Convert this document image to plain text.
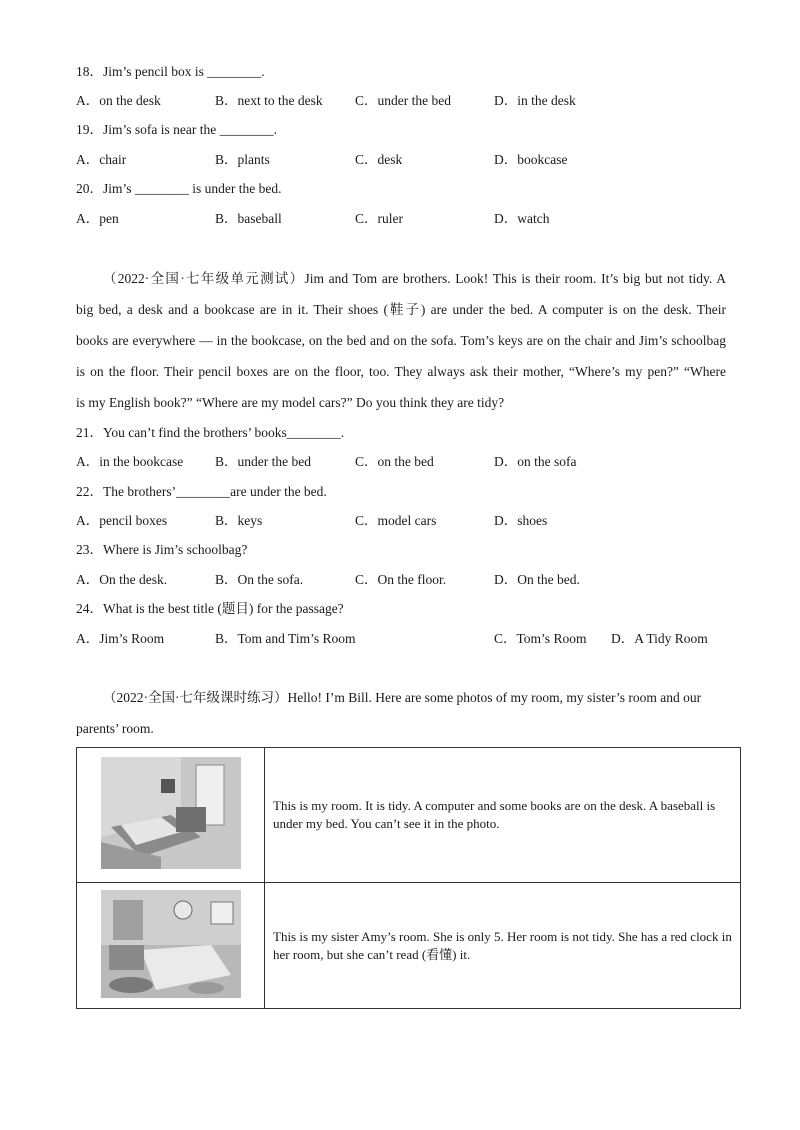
18．Jim’s pencil box is ________.
A．on the desk	B．next to the desk C．under the bed	D．in the desk
19．Jim’s sofa is near the ________.
A．chair	B．plants	C．desk	D．bookcase
20．Jim’s ________ is under the bed.
A．pen	B．baseball	C．ruler	D．watch
（2022·全国·七年级单元测试）Jim and Tom are brothers. Look! This is their room. It’s big but not tidy. A
big bed, a desk and a bookcase are in it. Their shoes (鞋子) are under the bed. A computer is on the desk. Their
books are everywhere — in the bookcase, on the bed and on the sofa. Tom’s keys are on the chair and Jim’s schoolbag
is on the floor. Their pencil boxes are on the floor, too. They always ask their mother, “Where’s my pen?” “Where
is my English book?” “Where are my model cars?” Do you think they are tidy?
21．You can’t find the brothers’ books________.
A．in the bookcase B．under the bed	C．on the bed	D．on the sofa
22．The brothers’________are under the bed.
A．pencil boxes	B．keys	C．model cars	D．shoes
23．Where is Jim’s schoolbag?
A．On the desk.	B．On the sofa.	C．On the floor.	D．On the bed.
24．What is the best title (题目) for the passage?
A．Jim’s Room	B．Tom and Tim’s Room	C．Tom’s Room D．A Tidy Room
（2022·全国·七年级课时练习）Hello! I’m Bill. Here are some photos of my room, my sister’s room and our
parents’ room.
	This is my room. It is tidy. A computer and some books are on the desk. A baseball is under my bed. You can’t see it in the photo.
	This is my sister Amy’s room. She is only 5. Her room is not tidy. She has a red clock in her room, but she can’t read (看懂) it.
